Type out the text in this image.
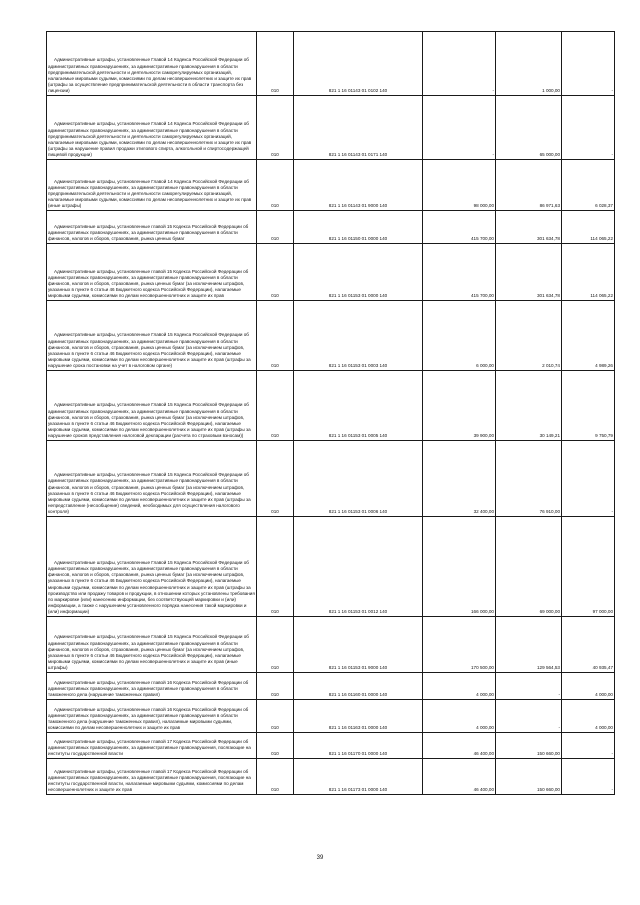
Административные штрафы, установленные Главой 14 Кодекса Российской Федерации об административных правонарушениях, за административные правонарушения в области предпринимательской деятельности и деятельности саморегулируемых организаций, налагаемые мировыми судьями, комиссиями по делам несовершеннолетних и защите их прав (штрафы за осуществление предпринимательской деятельности в области транспорта без лицензии)	010	821 1 16 01143 01 0102 140	-	1 000,00	-

Административные штрафы, установленные Главой 14 Кодекса Российской Федерации об административных правонарушениях, за административные правонарушения в области предпринимательской деятельности и деятельности саморегулируемых организаций, налагаемые мировыми судьями, комиссиями по делам несовершеннолетних и защите их прав (штрафы за нарушение правил продажи этилового спирта, алкогольной и спиртосодержащей пищевой продукции)	010	821 1 16 01143 01 0171 140	-	65 000,00	-

Административные штрафы, установленные Главой 14 Кодекса Российской Федерации об административных правонарушениях, за административные правонарушения в области предпринимательской деятельности и деятельности саморегулируемых организаций, налагаемые мировыми судьями, комиссиями по делам несовершеннолетних и защите их прав (иные штрафы)	010	821 1 16 01143 01 9000 140	98 000,00	86 971,63	6 028,37

Административные штрафы, установленные главой 15 Кодекса Российской Федерации об административных правонарушениях, за административные правонарушения в области финансов, налогов и сборов, страхования, рынка ценных бумаг	010	821 1 16 01150 01 0000 140	415 700,00	301 634,78	114 065,22

Административные штрафы, установленные главой 15 Кодекса Российской Федерации об административных правонарушениях, за административные правонарушения в области финансов, налогов и сборов, страхования, рынка ценных бумаг (за исключением штрафов, указанных в пункте 6 статьи 46 Бюджетного кодекса Российской Федерации), налагаемые мировыми судьями, комиссиями по делам несовершеннолетних и защите их прав	010	821 1 16 01153 01 0000 140	415 700,00	301 634,78	114 065,22

Административные штрафы, установленные Главой 15 Кодекса Российской Федерации об административных правонарушениях, за административные правонарушения в области финансов, налогов и сборов, страхования, рынка ценных бумаг (за исключением штрафов, указанных в пункте 6 статьи 46 Бюджетного кодекса Российской Федерации), налагаемые мировыми судьями, комиссиями по делам несовершеннолетних и защите их прав (штрафы за нарушение срока постановки на учет в налоговом органе)	010	821 1 16 01153 01 0003 140	6 000,00	2 010,74	4 989,26

Административные штрафы, установленные Главой 15 Кодекса Российской Федерации об административных правонарушениях, за административные правонарушения в области финансов, налогов и сборов, страхования, рынка ценных бумаг (за исключением штрафов, указанных в пункте 6 статьи 46 Бюджетного кодекса Российской Федерации), налагаемые мировыми судьями, комиссиями по делам несовершеннолетних и защите их прав (штрафы за нарушение сроков представления налоговой декларации (расчета по страховым взносам))	010	821 1 16 01153 01 0005 140	39 900,00	30 149,21	9 750,79

Административные штрафы, установленные Главой 15 Кодекса Российской Федерации об административных правонарушениях, за административные правонарушения в области финансов, налогов и сборов, страхования, рынка ценных бумаг (за исключением штрафов, указанных в пункте 6 статьи 46 Бюджетного кодекса Российской Федерации), налагаемые мировыми судьями, комиссиями по делам несовершеннолетних и защите их прав (штрафы за непредставление (несообщение) сведений, необходимых для осуществления налогового контроля)	010	821 1 16 01153 01 0006 140	32 400,00	76 910,00	-

Административные штрафы, установленные Главой 15 Кодекса Российской Федерации об административных правонарушениях, за административные правонарушения в области финансов, налогов и сборов, страхования, рынка ценных бумаг (за исключением штрафов, указанных в пункте 6 статьи 46 Бюджетного кодекса Российской Федерации), налагаемые мировыми судьями, комиссиями по делам несовершеннолетних и защите их прав (штрафы за производство или продажу товаров и продукции, в отношении которых установлены требования по маркировке (или) нанесению информации, без соответствующей маркировки и (или) информации, а также с нарушением установленного порядка нанесения такой маркировки и (или) информации)	010	821 1 16 01153 01 0012 140	166 000,00	69 000,00	97 000,00

Административные штрафы, установленные Главой 15 Кодекса Российской Федерации об административных правонарушениях, за административные правонарушения в области финансов, налогов и сборов, страхования, рынка ценных бумаг (за исключением штрафов, указанных в пункте 6 статьи 46 Бюджетного кодекса Российской Федерации), налагаемые мировыми судьями, комиссиями по делам несовершеннолетних и защите их прав (иные штрафы)	010	821 1 16 01153 01 9000 140	170 500,00	129 564,53	40 935,47

Административные штрафы, установленные главой 16 Кодекса Российской Федерации об административных правонарушениях, за административные правонарушения в области таможенного дела (нарушение таможенных правил)	010	821 1 16 01160 01 0000 140	4 000,00	-	4 000,00

Административные штрафы, установленные главой 16 Кодекса Российской Федерации об административных правонарушениях, за административные правонарушения в области таможенного дела (нарушение таможенных правил), налагаемые мировыми судьями, комиссиями по делам несовершеннолетних и защите их прав	010	821 1 16 01163 01 0000 140	4 000,00	-	4 000,00

Административные штрафы, установленные главой 17 Кодекса Российской Федерации об административных правонарушениях, за административные правонарушения, посягающие на институты государственной власти	010	821 1 16 01170 01 0000 140	46 400,00	150 660,00	-

Административные штрафы, установленные главой 17 Кодекса Российской Федерации об административных правонарушениях, за административные правонарушения, посягающие на институты государственной власти, налагаемые мировыми судьями, комиссиями по делам несовершеннолетних и защите их прав	010	821 1 16 01173 01 0000 140	46 400,00	150 660,00	-
39
